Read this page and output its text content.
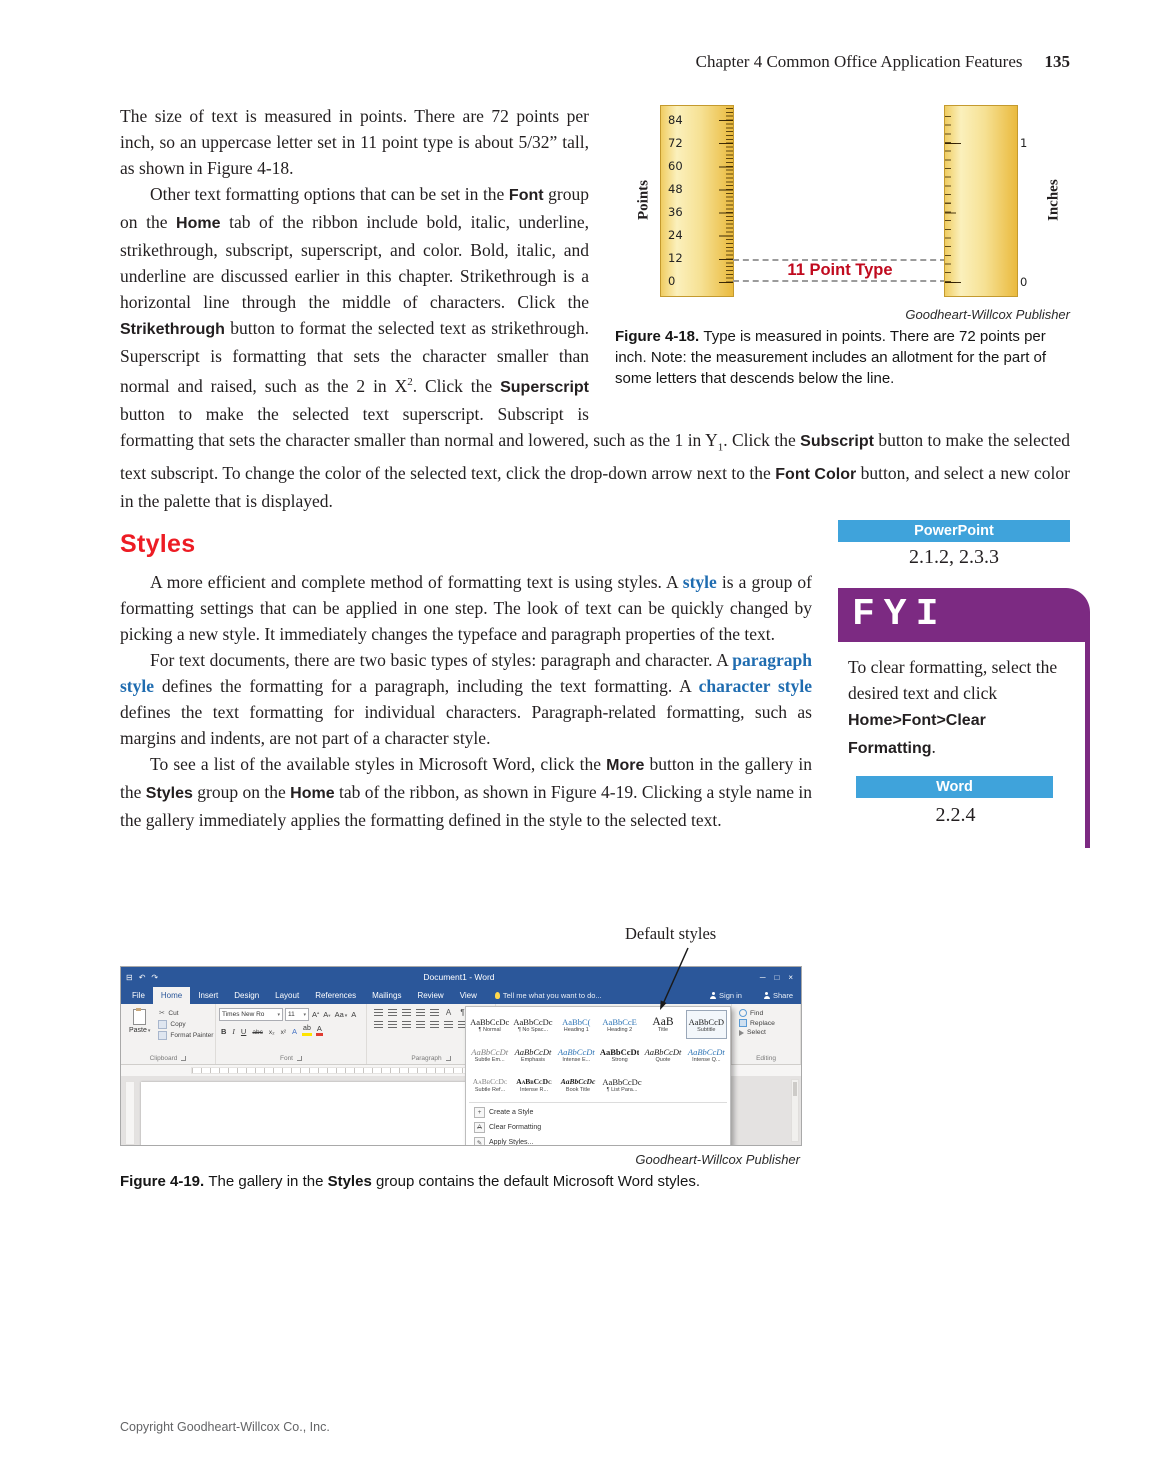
Chapter 4 Common Office Application Features 135
Points
84
72
60
48
36
24
12
0
11 Point Type
1
0
Inches
Goodheart-Willcox Publisher

Figure 4-18. Type is measured in points. There are 72 points per inch. Note: the measurement includes an allotment for the part of some letters that descends below the line.

The size of text is measured in points. There are 72 points per inch, so an uppercase letter set in 11 point type is about 5/32” tall, as shown in Figure 4-18.

Other text formatting options that can be set in the Font group on the Home tab of the ribbon include bold, italic, underline, strikethrough, subscript, superscript, and color. Bold, italic, and underline are discussed earlier in this chapter. Strikethrough is a horizontal line through the middle of characters. Click the Strikethrough button to format the selected text as strikethrough. Superscript is formatting that sets the character smaller than normal and raised, such as the 2 in $X^2$. Click the Superscript button to make the selected text superscript. Subscript is formatting that sets the character smaller than normal and lowered, such as the 1 in $Y_1$. Click the Subscript button to make the selected text subscript. To change the color of the selected text, click the drop-down arrow next to the Font Color button, and select a new color in the palette that is displayed.

PowerPoint
2.1.2, 2.3.3
FYI

To clear formatting, select the desired text and click Home>Font>Clear Formatting.

Word
2.2.4
Styles

A more efficient and complete method of formatting text is using styles. A style is a group of formatting settings that can be applied in one step. The look of text can be quickly changed by picking a new style. It immediately changes the typeface and paragraph properties of the text.

For text documents, there are two basic types of styles: paragraph and character. A paragraph style defines the formatting for a paragraph, including the text formatting. A character style defines the text formatting for individual characters. Paragraph-related formatting, such as margins and indents, are not part of a character style.

To see a list of the available styles in Microsoft Word, click the More button in the gallery in the Styles group on the Home tab of the ribbon, as shown in Figure 4-19. Clicking a style name in the gallery immediately applies the formatting defined in the style to the selected text.

Default styles
⊟ ↶ ↷	Document1 - Word	─ □ ×
File	Home	Insert	Design	Layout	References	Mailings	Review	View	Tell me what you want to do...	Sign in	Share
Paste ▾
✂
Cut
Copy
Format Painter
Clipboard
Times New Ro ▾	11 ▾ A ▴ A ▾ Aa ▾	A
B I U abc x₂ x² A ab A
Font
A ¶
Paragraph
Find
Replace
Select
Editing
AaBbCcDc
¶ Normal
AaBbCcDc
¶ No Spac...
AaBbC(
Heading 1
AaBbCcE
Heading 2
AaB
Title
AaBbCcD
Subtitle
AaBbCcDt
Subtle Em...
AaBbCcDt
Emphasis
AaBbCcDt
Intense E...
AaBbCcDt
Strong
AaBbCcDt
Quote
AaBbCcDt
Intense Q...
AaBbCcDc
Subtle Ref...
AaBbCcDc
Intense R...
AaBbCcDc
Book Title
AaBbCcDc
¶ List Para...
+	Create a Style
A	Clear Formatting
✎ Apply Styles...
Goodheart-Willcox Publisher

Figure 4-19. The gallery in the Styles group contains the default Microsoft Word styles.

Copyright Goodheart-Willcox Co., Inc.
